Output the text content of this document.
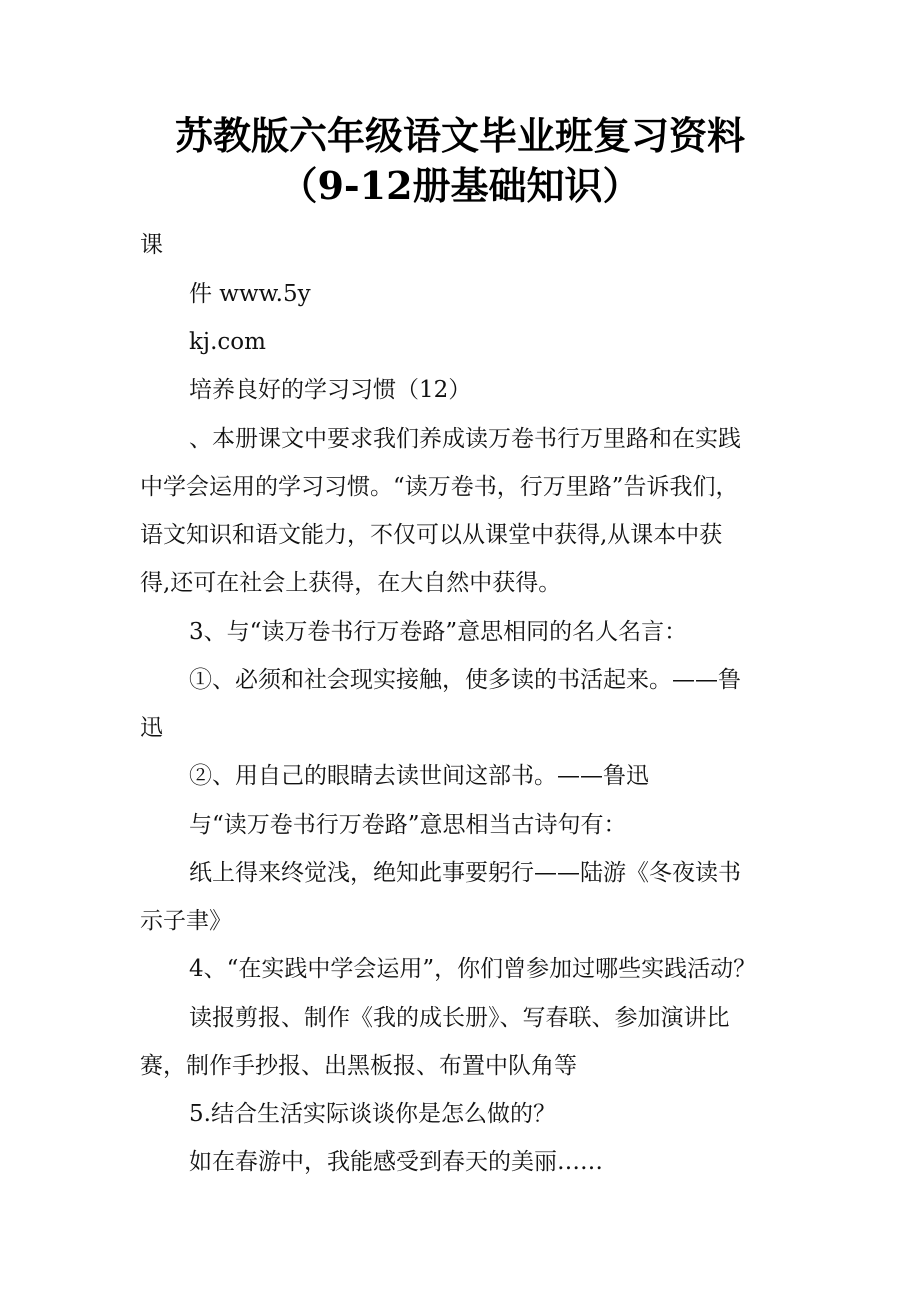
苏教版六年级语文毕业班复习资料
（9-12册基础知识）
课
件 www.5y
kj.com
培养良好的学习习惯（12）
、本册课文中要求我们养成读万卷书行万里路和在实践
中学会运用的学习习惯。“读万卷书，行万里路”告诉我们，
语文知识和语文能力，不仅可以从课堂中获得,从课本中获
得,还可在社会上获得，在大自然中获得。
3、与“读万卷书行万卷路”意思相同的名人名言：
①、必须和社会现实接触，使多读的书活起来。——鲁
迅
②、用自己的眼睛去读世间这部书。——鲁迅
与“读万卷书行万卷路”意思相当古诗句有：
纸上得来终觉浅，绝知此事要躬行——陆游《冬夜读书
示子聿》
4、“在实践中学会运用”，你们曾参加过哪些实践活动？
读报剪报、制作《我的成长册》、写春联、参加演讲比
赛，制作手抄报、出黑板报、布置中队角等
5.结合生活实际谈谈你是怎么做的？
如在春游中，我能感受到春天的美丽……
